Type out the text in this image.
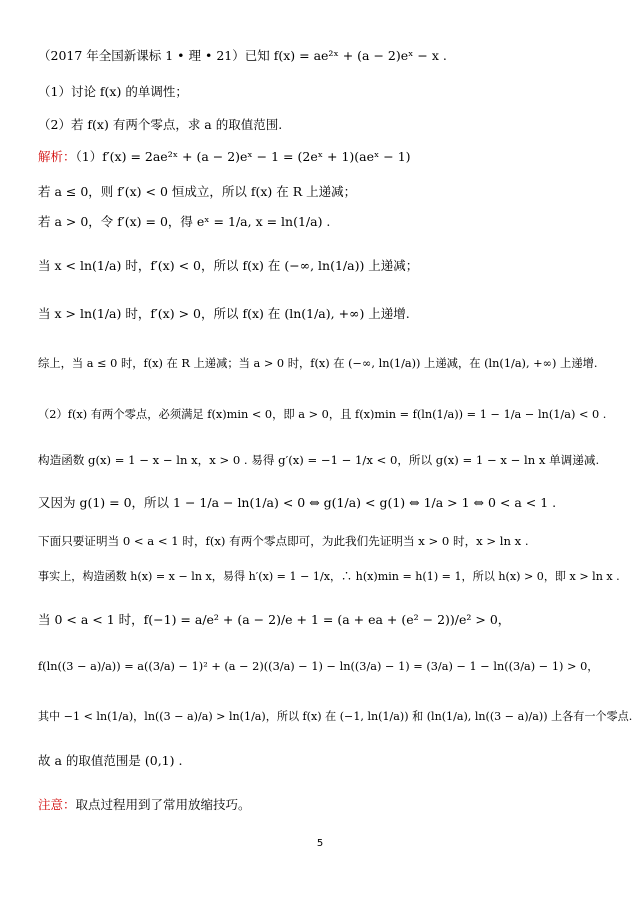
（2017 年全国新课标 1 • 理 • 21）已知 f(x) = ae²ˣ + (a − 2)eˣ − x .
（1）讨论 f(x) 的单调性；
（2）若 f(x) 有两个零点，求 a 的取值范围.
解析：（1）f′(x) = 2ae²ˣ + (a − 2)eˣ − 1 = (2eˣ + 1)(aeˣ − 1)
若 a ≤ 0，则 f′(x) < 0 恒成立，所以 f(x) 在 R 上递减；
若 a > 0，令 f′(x) = 0，得 eˣ = 1/a, x = ln(1/a) .
当 x < ln(1/a) 时，f′(x) < 0，所以 f(x) 在 (−∞, ln(1/a)) 上递减；
当 x > ln(1/a) 时，f′(x) > 0，所以 f(x) 在 (ln(1/a), +∞) 上递增.
综上，当 a ≤ 0 时，f(x) 在 R 上递减；当 a > 0 时，f(x) 在 (−∞, ln(1/a)) 上递减，在 (ln(1/a), +∞) 上递增.
（2）f(x) 有两个零点，必须满足 f(x)min < 0，即 a > 0，且 f(x)min = f(ln(1/a)) = 1 − 1/a − ln(1/a) < 0 .
构造函数 g(x) = 1 − x − ln x，x > 0 . 易得 g′(x) = −1 − 1/x < 0，所以 g(x) = 1 − x − ln x 单调递减.
又因为 g(1) = 0，所以 1 − 1/a − ln(1/a) < 0 ⇔ g(1/a) < g(1) ⇔ 1/a > 1 ⇔ 0 < a < 1 .
下面只要证明当 0 < a < 1 时，f(x) 有两个零点即可，为此我们先证明当 x > 0 时，x > ln x .
事实上，构造函数 h(x) = x − ln x，易得 h′(x) = 1 − 1/x，∴ h(x)min = h(1) = 1，所以 h(x) > 0，即 x > ln x .
当 0 < a < 1 时，f(−1) = a/e² + (a − 2)/e + 1 = (a + ea + (e² − 2))/e² > 0，
f(ln((3 − a)/a)) = a((3/a) − 1)² + (a − 2)((3/a) − 1) − ln((3/a) − 1) = (3/a) − 1 − ln((3/a) − 1) > 0，
其中 −1 < ln(1/a)，ln((3 − a)/a) > ln(1/a)，所以 f(x) 在 (−1, ln(1/a)) 和 (ln(1/a), ln((3 − a)/a)) 上各有一个零点.
故 a 的取值范围是 (0,1) .
注意：取点过程用到了常用放缩技巧。
5
